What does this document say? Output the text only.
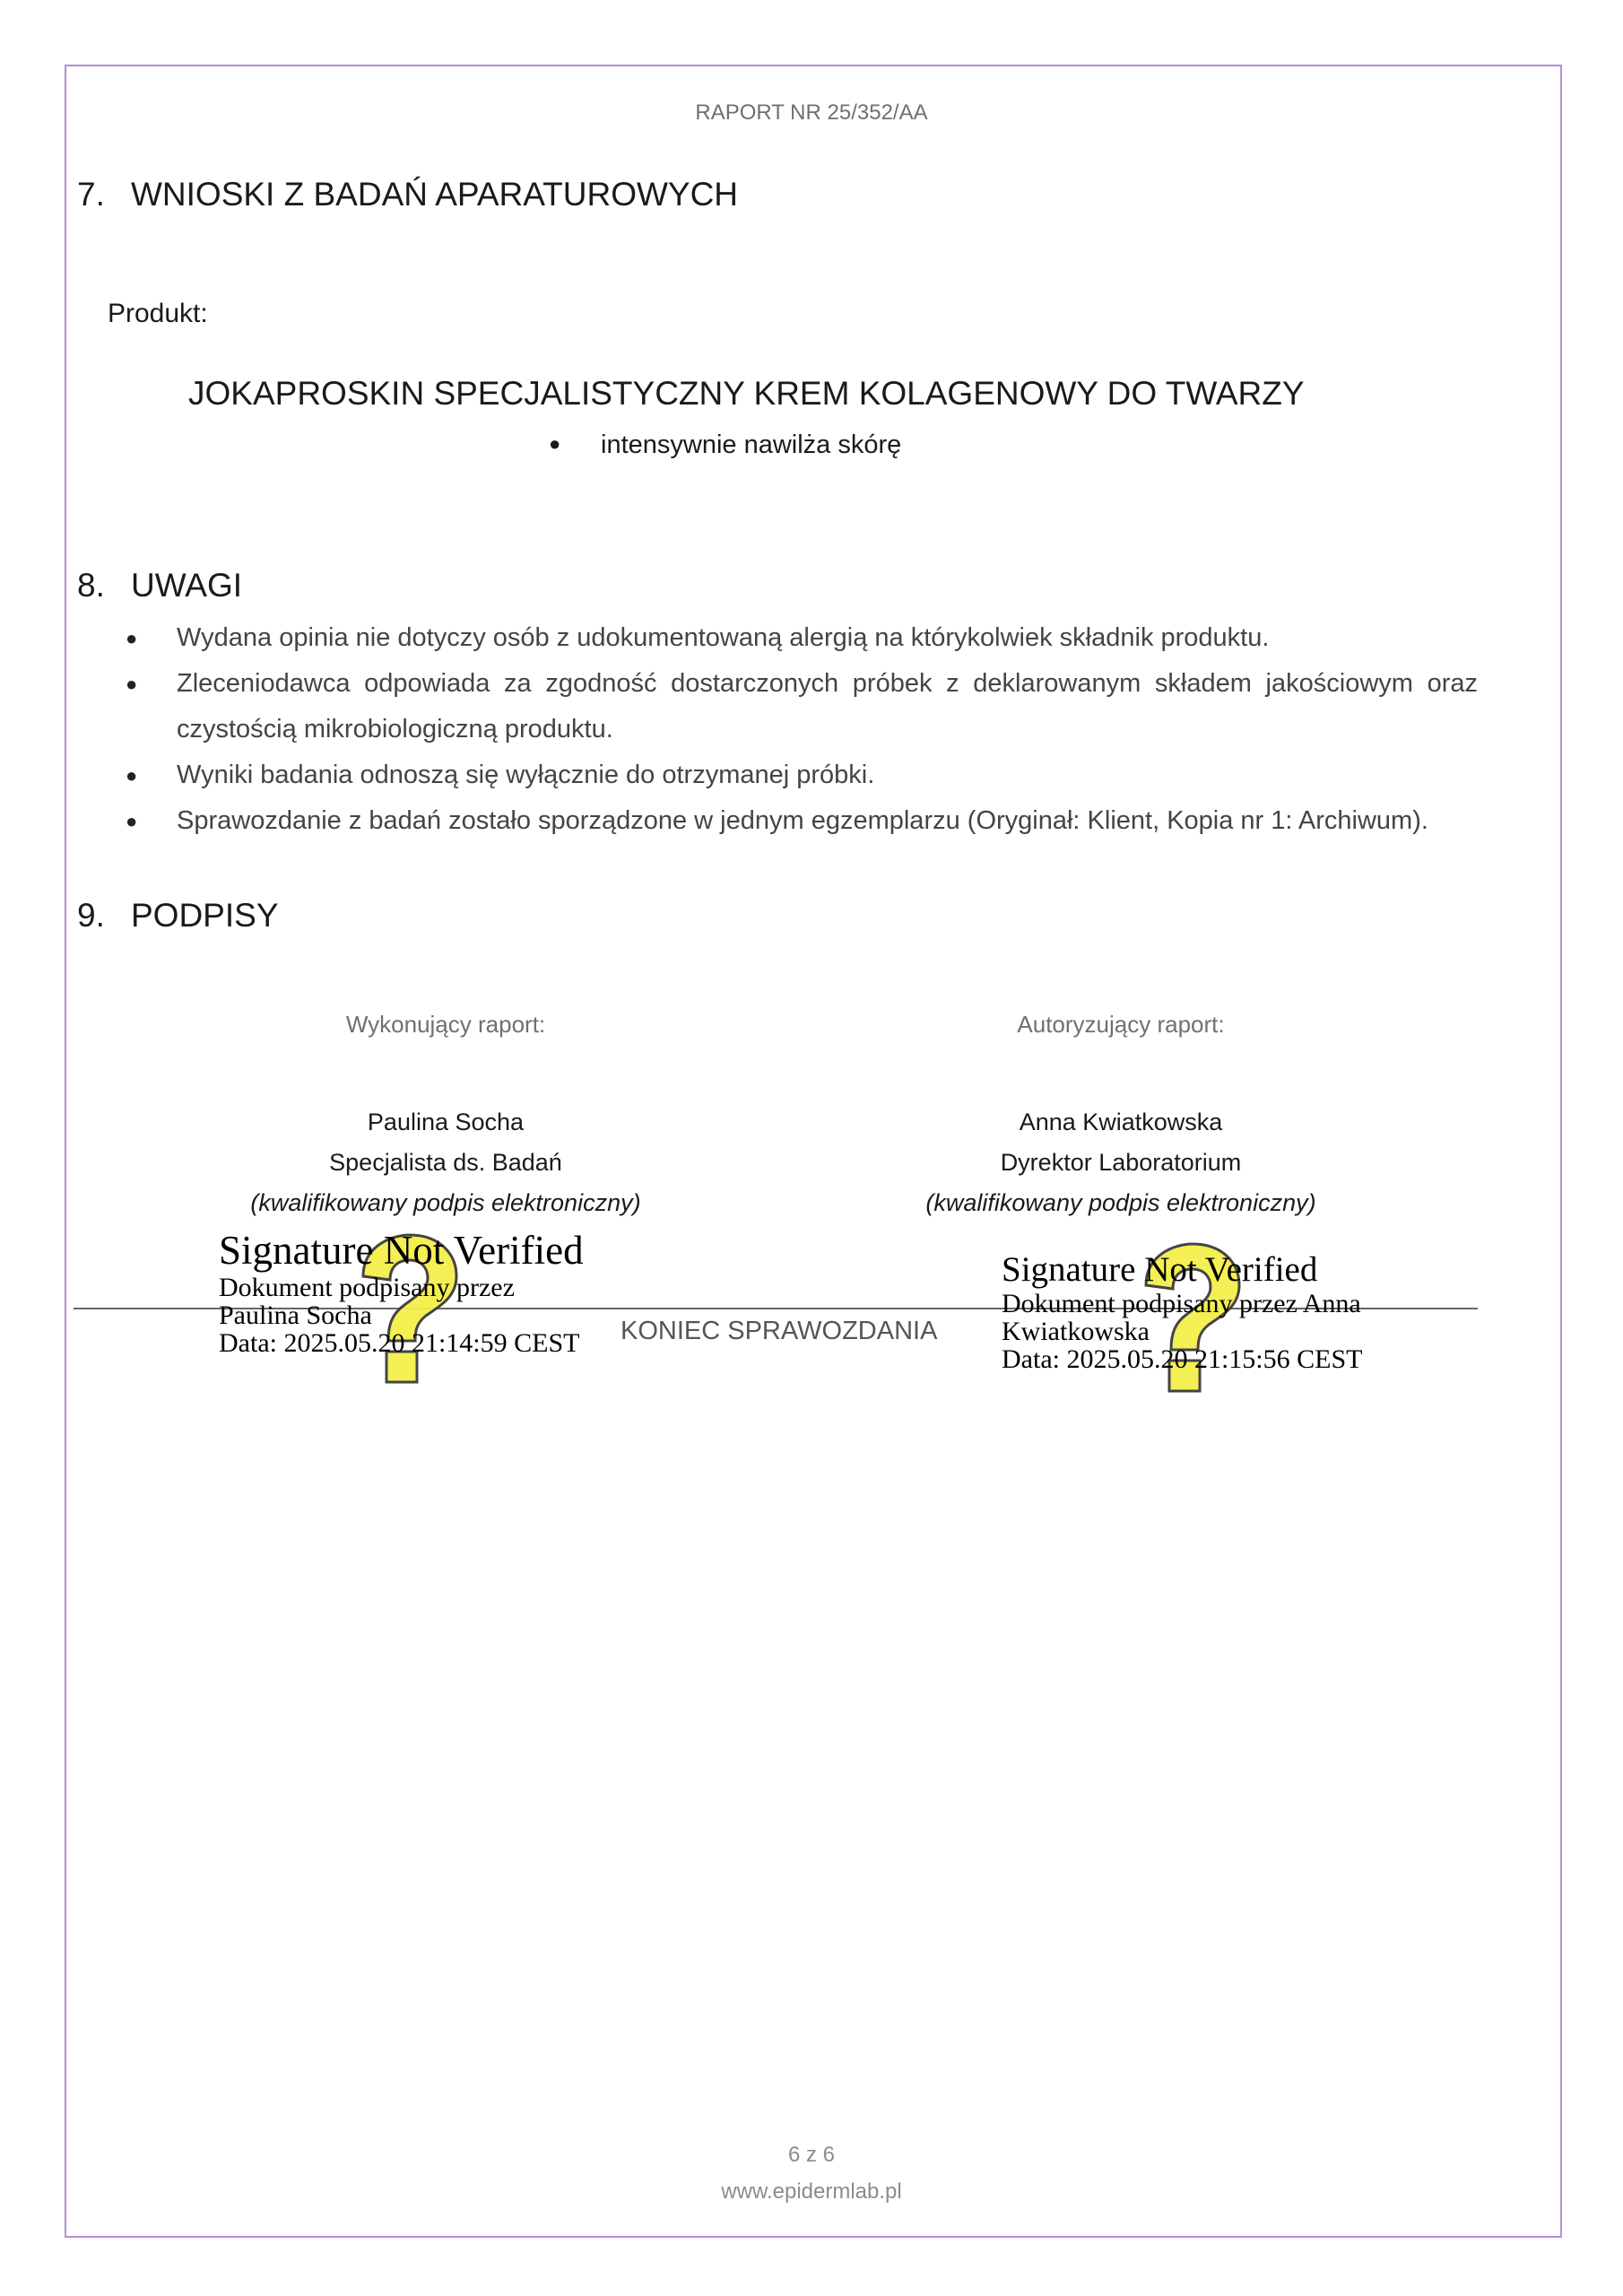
RAPORT NR 25/352/AA
7. WNIOSKI Z BADAŃ APARATUROWYCH
Produkt:
JOKAPROSKIN SPECJALISTYCZNY KREM KOLAGENOWY DO TWARZY
● intensywnie nawilża skórę
8. UWAGI
● Wydana opinia nie dotyczy osób z udokumentowaną alergią na którykolwiek składnik produktu.
● Zleceniodawca odpowiada za zgodność dostarczonych próbek z deklarowanym składem jakościowym oraz czystością mikrobiologiczną produktu.
● Wyniki badania odnoszą się wyłącznie do otrzymanej próbki.
● Sprawozdanie z badań zostało sporządzone w jednym egzemplarzu (Oryginał: Klient, Kopia nr 1: Archiwum).
9. PODPISY
Wykonujący raport:
Paulina Socha
Specjalista ds. Badań
(kwalifikowany podpis elektroniczny)
Autoryzujący raport:
Anna Kwiatkowska
Dyrektor Laboratorium
(kwalifikowany podpis elektroniczny)
KONIEC SPRAWOZDANIA
Signature Not Verified
Dokument podpisany przez
Paulina Socha
Data: 2025.05.20 21:14:59 CEST
Signature Not Verified
Dokument podpisany przez Anna
Kwiatkowska
Data: 2025.05.20 21:15:56 CEST
6 z 6
www.epidermlab.pl
